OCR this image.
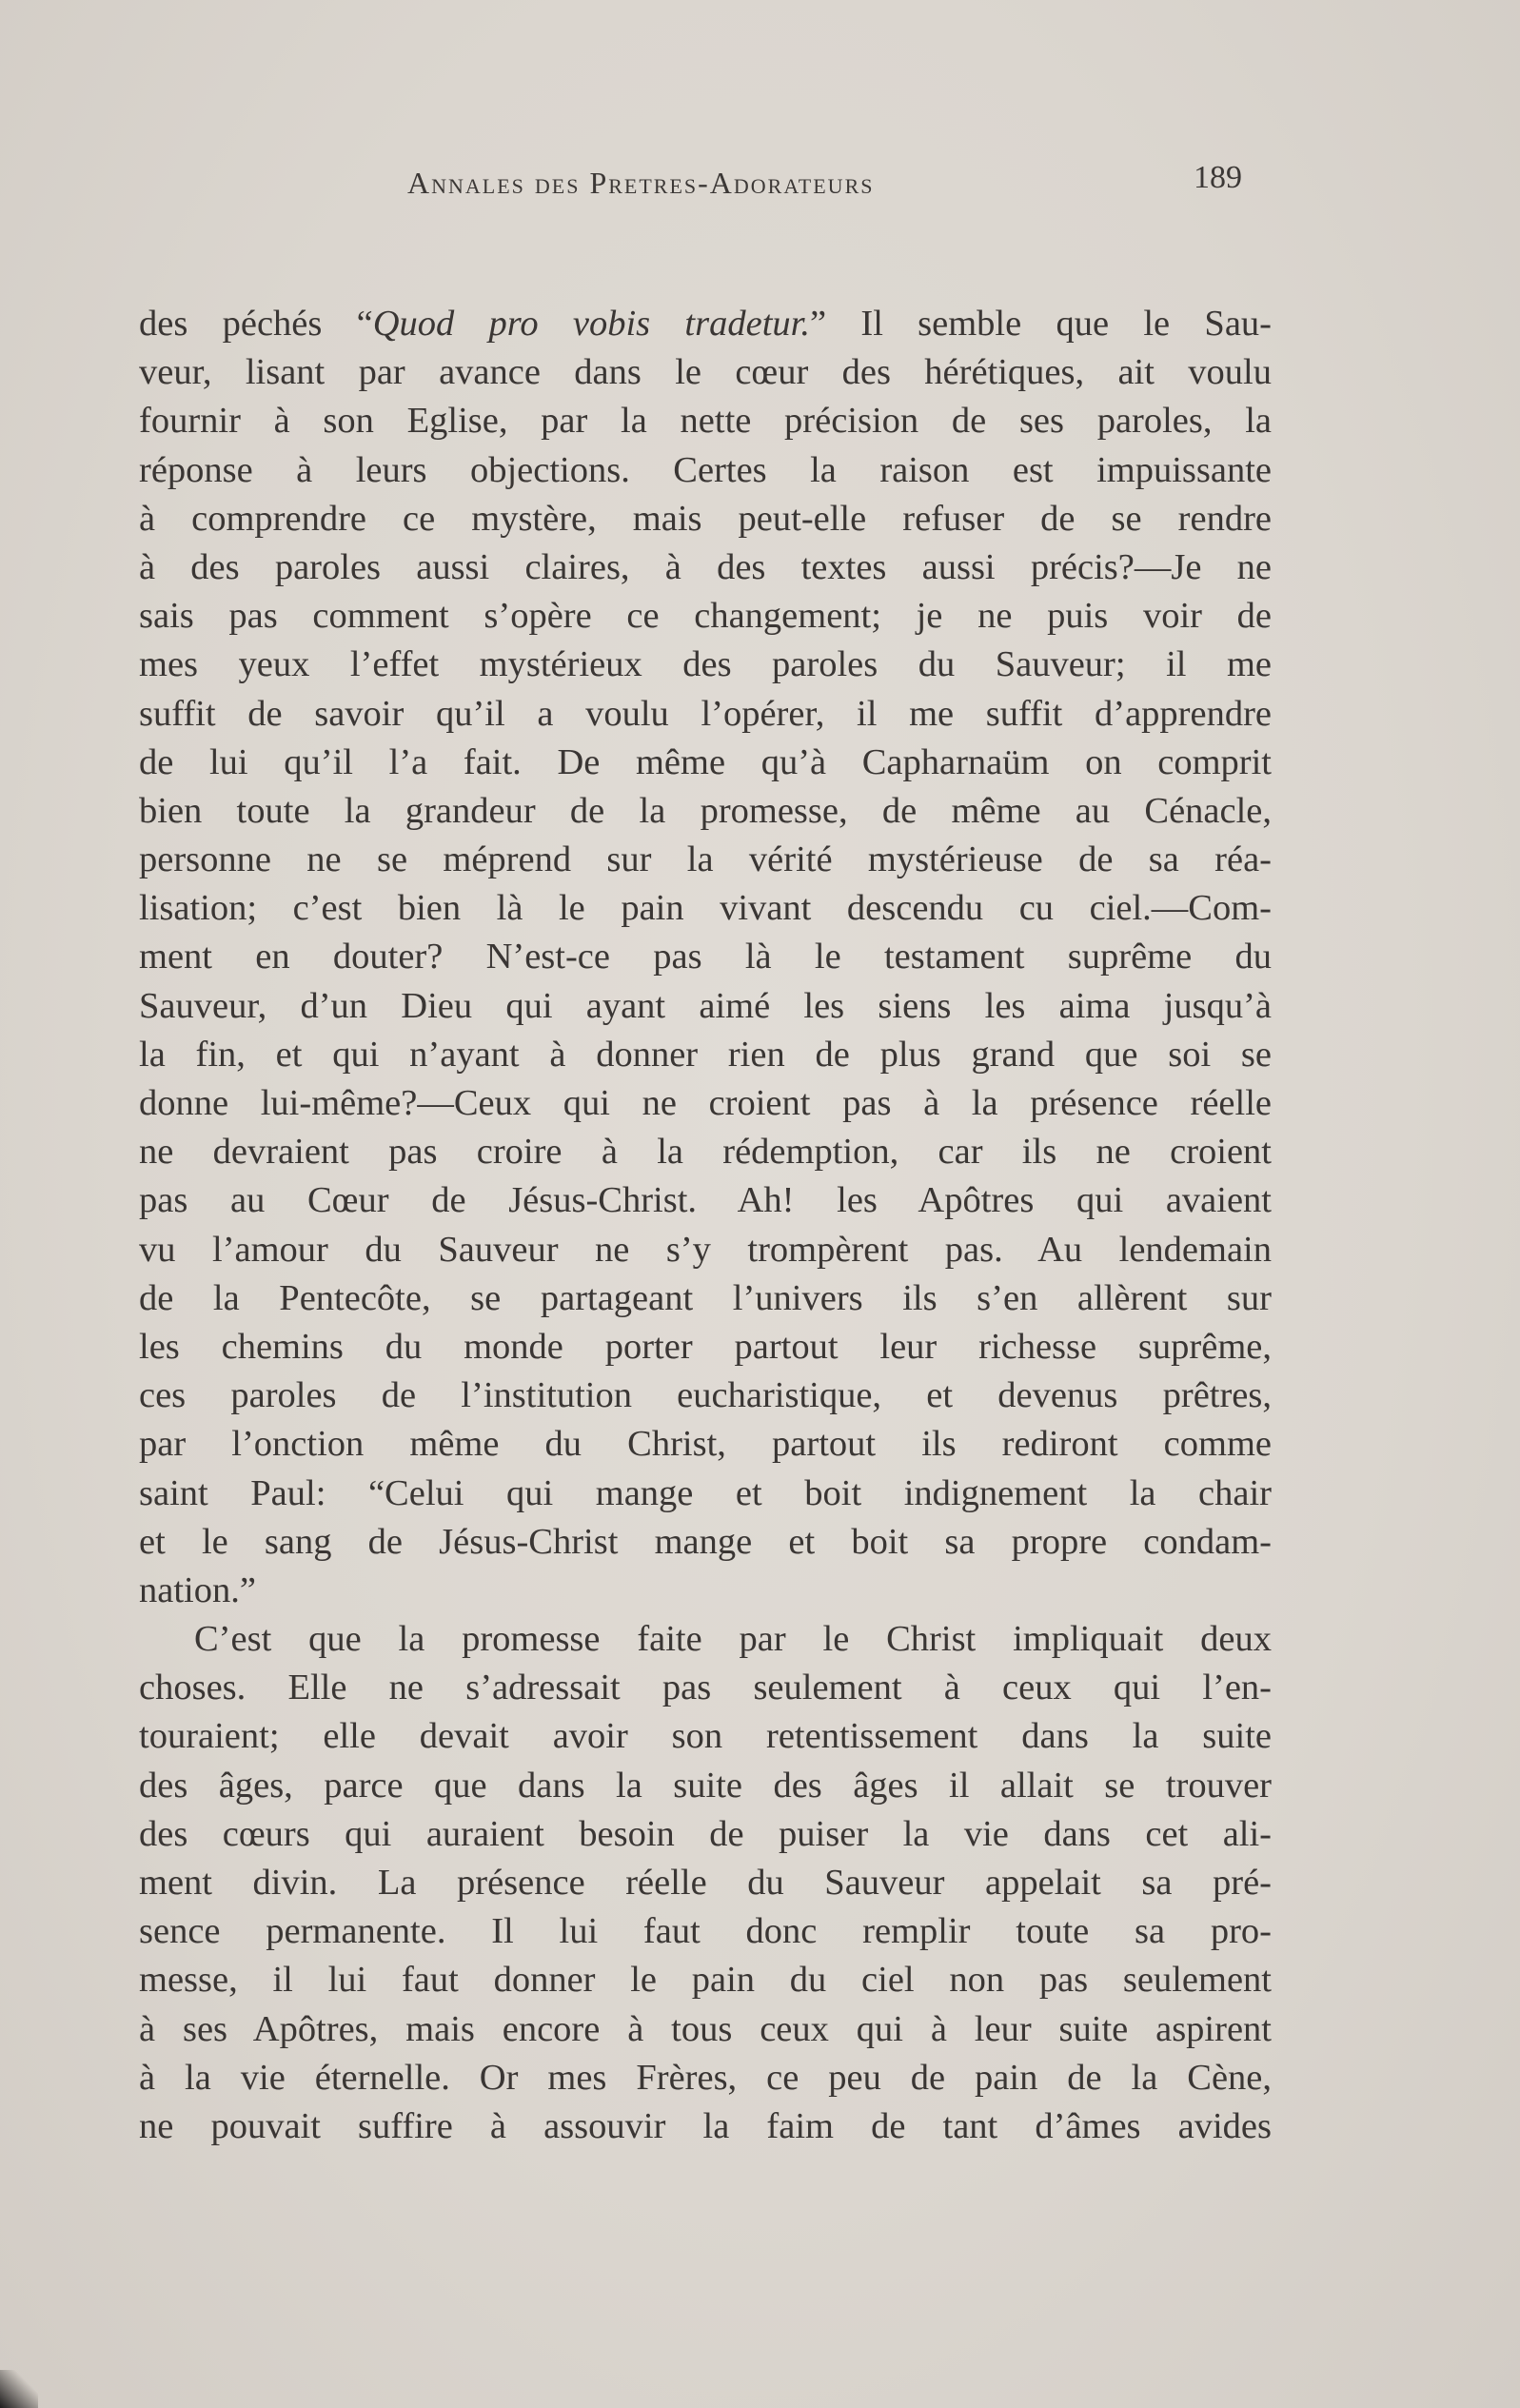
Annales des Pretres-Adorateurs	189
des péchés “Quod pro vobis tradetur.” Il semble que le Sau-
veur, lisant par avance dans le cœur des hérétiques, ait voulu
fournir à son Eglise, par la nette précision de ses paroles, la
réponse à leurs objections. Certes la raison est impuissante
à comprendre ce mystère, mais peut-elle refuser de se rendre
à des paroles aussi claires, à des textes aussi précis?—Je ne
sais pas comment s’opère ce changement; je ne puis voir de
mes yeux l’effet mystérieux des paroles du Sauveur; il me
suffit de savoir qu’il a voulu l’opérer, il me suffit d’apprendre
de lui qu’il l’a fait. De même qu’à Capharnaüm on comprit
bien toute la grandeur de la promesse, de même au Cénacle,
personne ne se méprend sur la vérité mystérieuse de sa réa-
lisation; c’est bien là le pain vivant descendu cu ciel.—Com-
ment en douter? N’est-ce pas là le testament suprême du
Sauveur, d’un Dieu qui ayant aimé les siens les aima jusqu’à
la fin, et qui n’ayant à donner rien de plus grand que soi se
donne lui-même?—Ceux qui ne croient pas à la présence réelle
ne devraient pas croire à la rédemption, car ils ne croient
pas au Cœur de Jésus-Christ. Ah! les Apôtres qui avaient
vu l’amour du Sauveur ne s’y trompèrent pas. Au lendemain
de la Pentecôte, se partageant l’univers ils s’en allèrent sur
les chemins du monde porter partout leur richesse suprême,
ces paroles de l’institution eucharistique, et devenus prêtres,
par l’onction même du Christ, partout ils rediront comme
saint Paul: “Celui qui mange et boit indignement la chair
et le sang de Jésus-Christ mange et boit sa propre condam-
nation.”
C’est que la promesse faite par le Christ impliquait deux
choses. Elle ne s’adressait pas seulement à ceux qui l’en-
touraient; elle devait avoir son retentissement dans la suite
des âges, parce que dans la suite des âges il allait se trouver
des cœurs qui auraient besoin de puiser la vie dans cet ali-
ment divin. La présence réelle du Sauveur appelait sa pré-
sence permanente. Il lui faut donc remplir toute sa pro-
messe, il lui faut donner le pain du ciel non pas seulement
à ses Apôtres, mais encore à tous ceux qui à leur suite aspirent
à la vie éternelle. Or mes Frères, ce peu de pain de la Cène,
ne pouvait suffire à assouvir la faim de tant d’âmes avides
